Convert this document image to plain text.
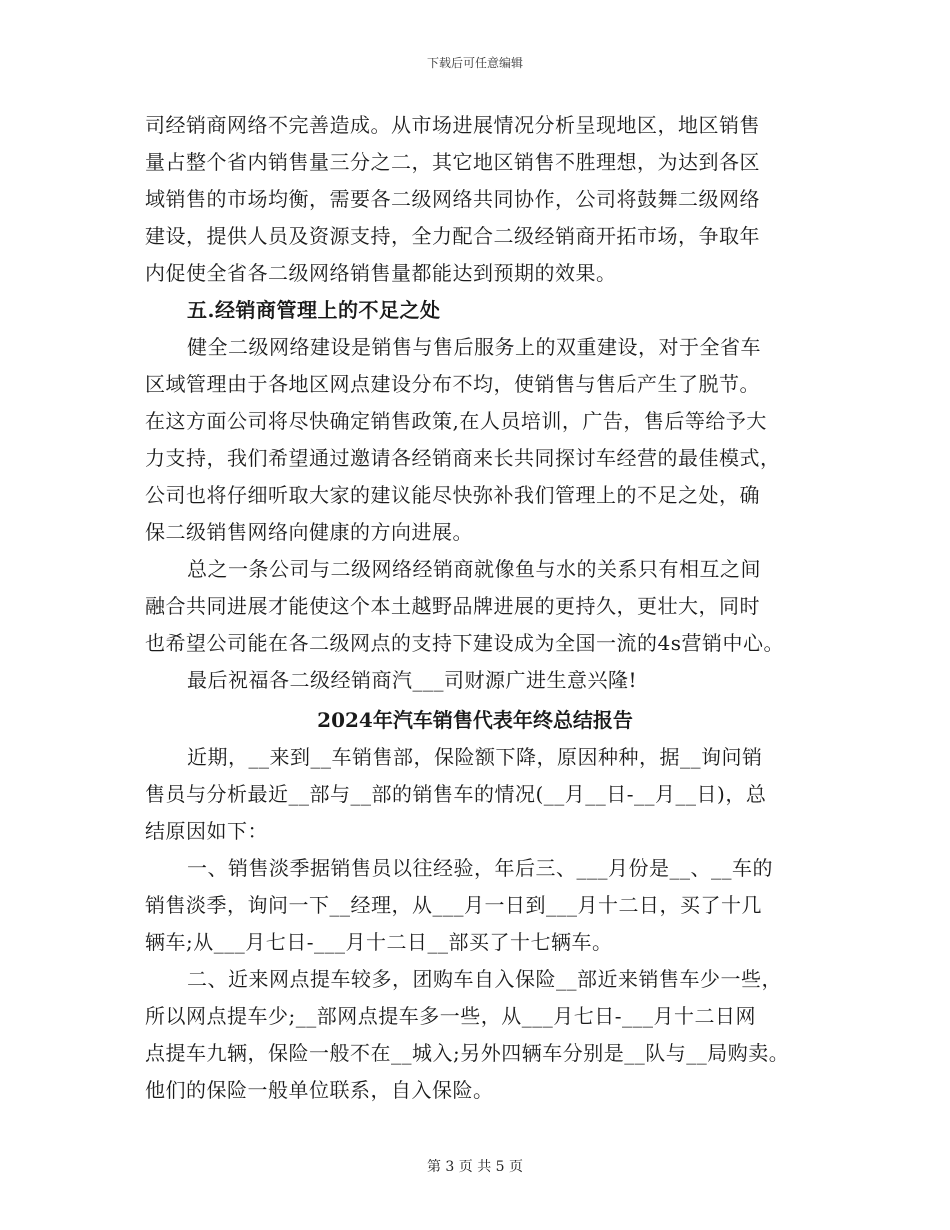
下载后可任意编辑
司经销商网络不完善造成。从市场进展情况分析呈现地区，地区销售
量占整个省内销售量三分之二，其它地区销售不胜理想，为达到各区
域销售的市场均衡，需要各二级网络共同协作，公司将鼓舞二级网络
建设，提供人员及资源支持，全力配合二级经销商开拓市场，争取年
内促使全省各二级网络销售量都能达到预期的效果。
五.经销商管理上的不足之处
健全二级网络建设是销售与售后服务上的双重建设，对于全省车
区域管理由于各地区网点建设分布不均，使销售与售后产生了脱节。
在这方面公司将尽快确定销售政策,在人员培训，广告，售后等给予大
力支持，我们希望通过邀请各经销商来长共同探讨车经营的最佳模式，
公司也将仔细听取大家的建议能尽快弥补我们管理上的不足之处，确
保二级销售网络向健康的方向进展。
总之一条公司与二级网络经销商就像鱼与水的关系只有相互之间
融合共同进展才能使这个本土越野品牌进展的更持久，更壮大，同时
也希望公司能在各二级网点的支持下建设成为全国一流的4s营销中心。
最后祝福各二级经销商汽___司财源广进生意兴隆!
2024年汽车销售代表年终总结报告
近期，__来到__车销售部，保险额下降，原因种种，据__询问销
售员与分析最近__部与__部的销售车的情况(__月__日-__月__日)，总
结原因如下：
一、销售淡季据销售员以往经验，年后三、___月份是__、__车的
销售淡季，询问一下__经理，从___月一日到___月十二日，买了十几
辆车;从___月七日-___月十二日__部买了十七辆车。
二、近来网点提车较多，团购车自入保险__部近来销售车少一些，
所以网点提车少;__部网点提车多一些，从___月七日-___月十二日网
点提车九辆，保险一般不在__城入;另外四辆车分别是__队与__局购卖。
他们的保险一般单位联系，自入保险。
第 3 页 共 5 页
